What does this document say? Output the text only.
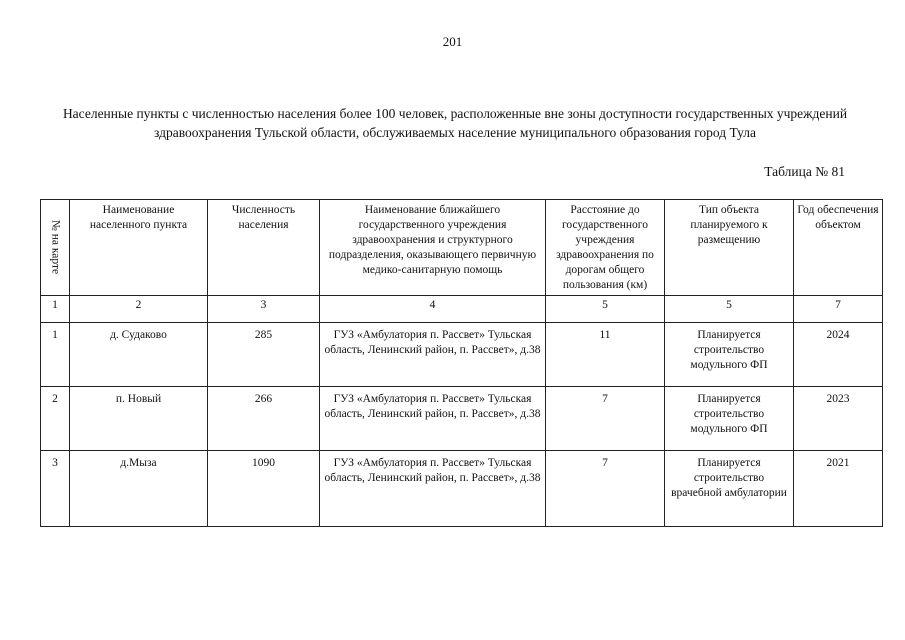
201
Населенные пункты с численностью населения более 100 человек, расположенные вне зоны доступности государственных учреждений здравоохранения Тульской области, обслуживаемых население муниципального образования город Тула
Таблица № 81
№ на карте	Наименование населенного пункта	Численность населения	Наименование ближайшего государственного учреждения здравоохранения и структурного подразделения, оказывающего первичную медико-санитарную помощь	Расстояние до государственного учреждения здравоохранения по дорогам общего пользования (км)	Тип объекта планируемого к размещению	Год обеспечения объектом
1	2	3	4	5	5	7
1	д. Судаково	285	ГУЗ «Амбулатория п. Рассвет» Тульская область, Ленинский район, п. Рассвет», д.38	11	Планируется строительство модульного ФП	2024
2	п. Новый	266	ГУЗ «Амбулатория п. Рассвет» Тульская область, Ленинский район, п. Рассвет», д.38	7	Планируется строительство модульного ФП	2023
3	д.Мыза	1090	ГУЗ «Амбулатория п. Рассвет» Тульская область, Ленинский район, п. Рассвет», д.38	7	Планируется строительство врачебной амбулатории	2021
